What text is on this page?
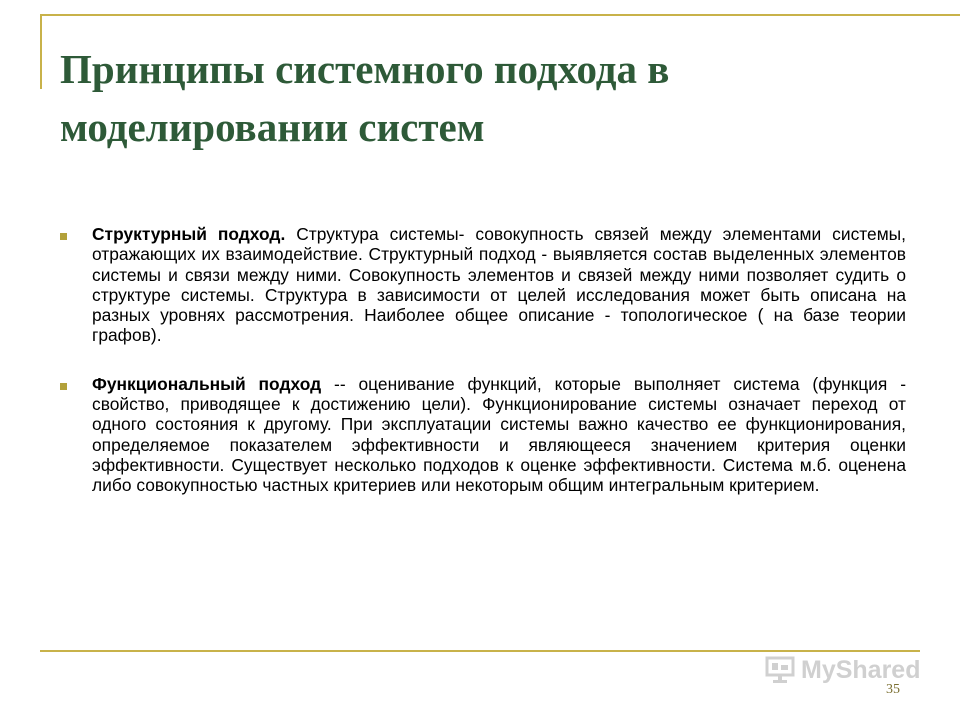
Принципы системного подхода в моделировании систем
Структурный подход. Структура системы- совокупность связей между элементами системы, отражающих их взаимодействие. Структурный подход - выявляется состав выделенных элементов системы и связи между ними. Совокупность элементов и связей между ними позволяет судить о структуре системы. Структура в зависимости от целей исследования может быть описана на разных уровнях рассмотрения. Наиболее общее описание - топологическое ( на базе теории графов).
Функциональный подход -- оценивание функций, которые выполняет система (функция - свойство, приводящее к достижению цели). Функционирование системы означает переход от одного состояния к другому. При эксплуатации системы важно качество ее функционирования, определяемое показателем эффективности и являющееся значением критерия оценки эффективности. Существует несколько подходов к оценке эффективности. Система м.б. оценена либо совокупностью частных критериев или некоторым общим интегральным критерием.
MyShared
35
